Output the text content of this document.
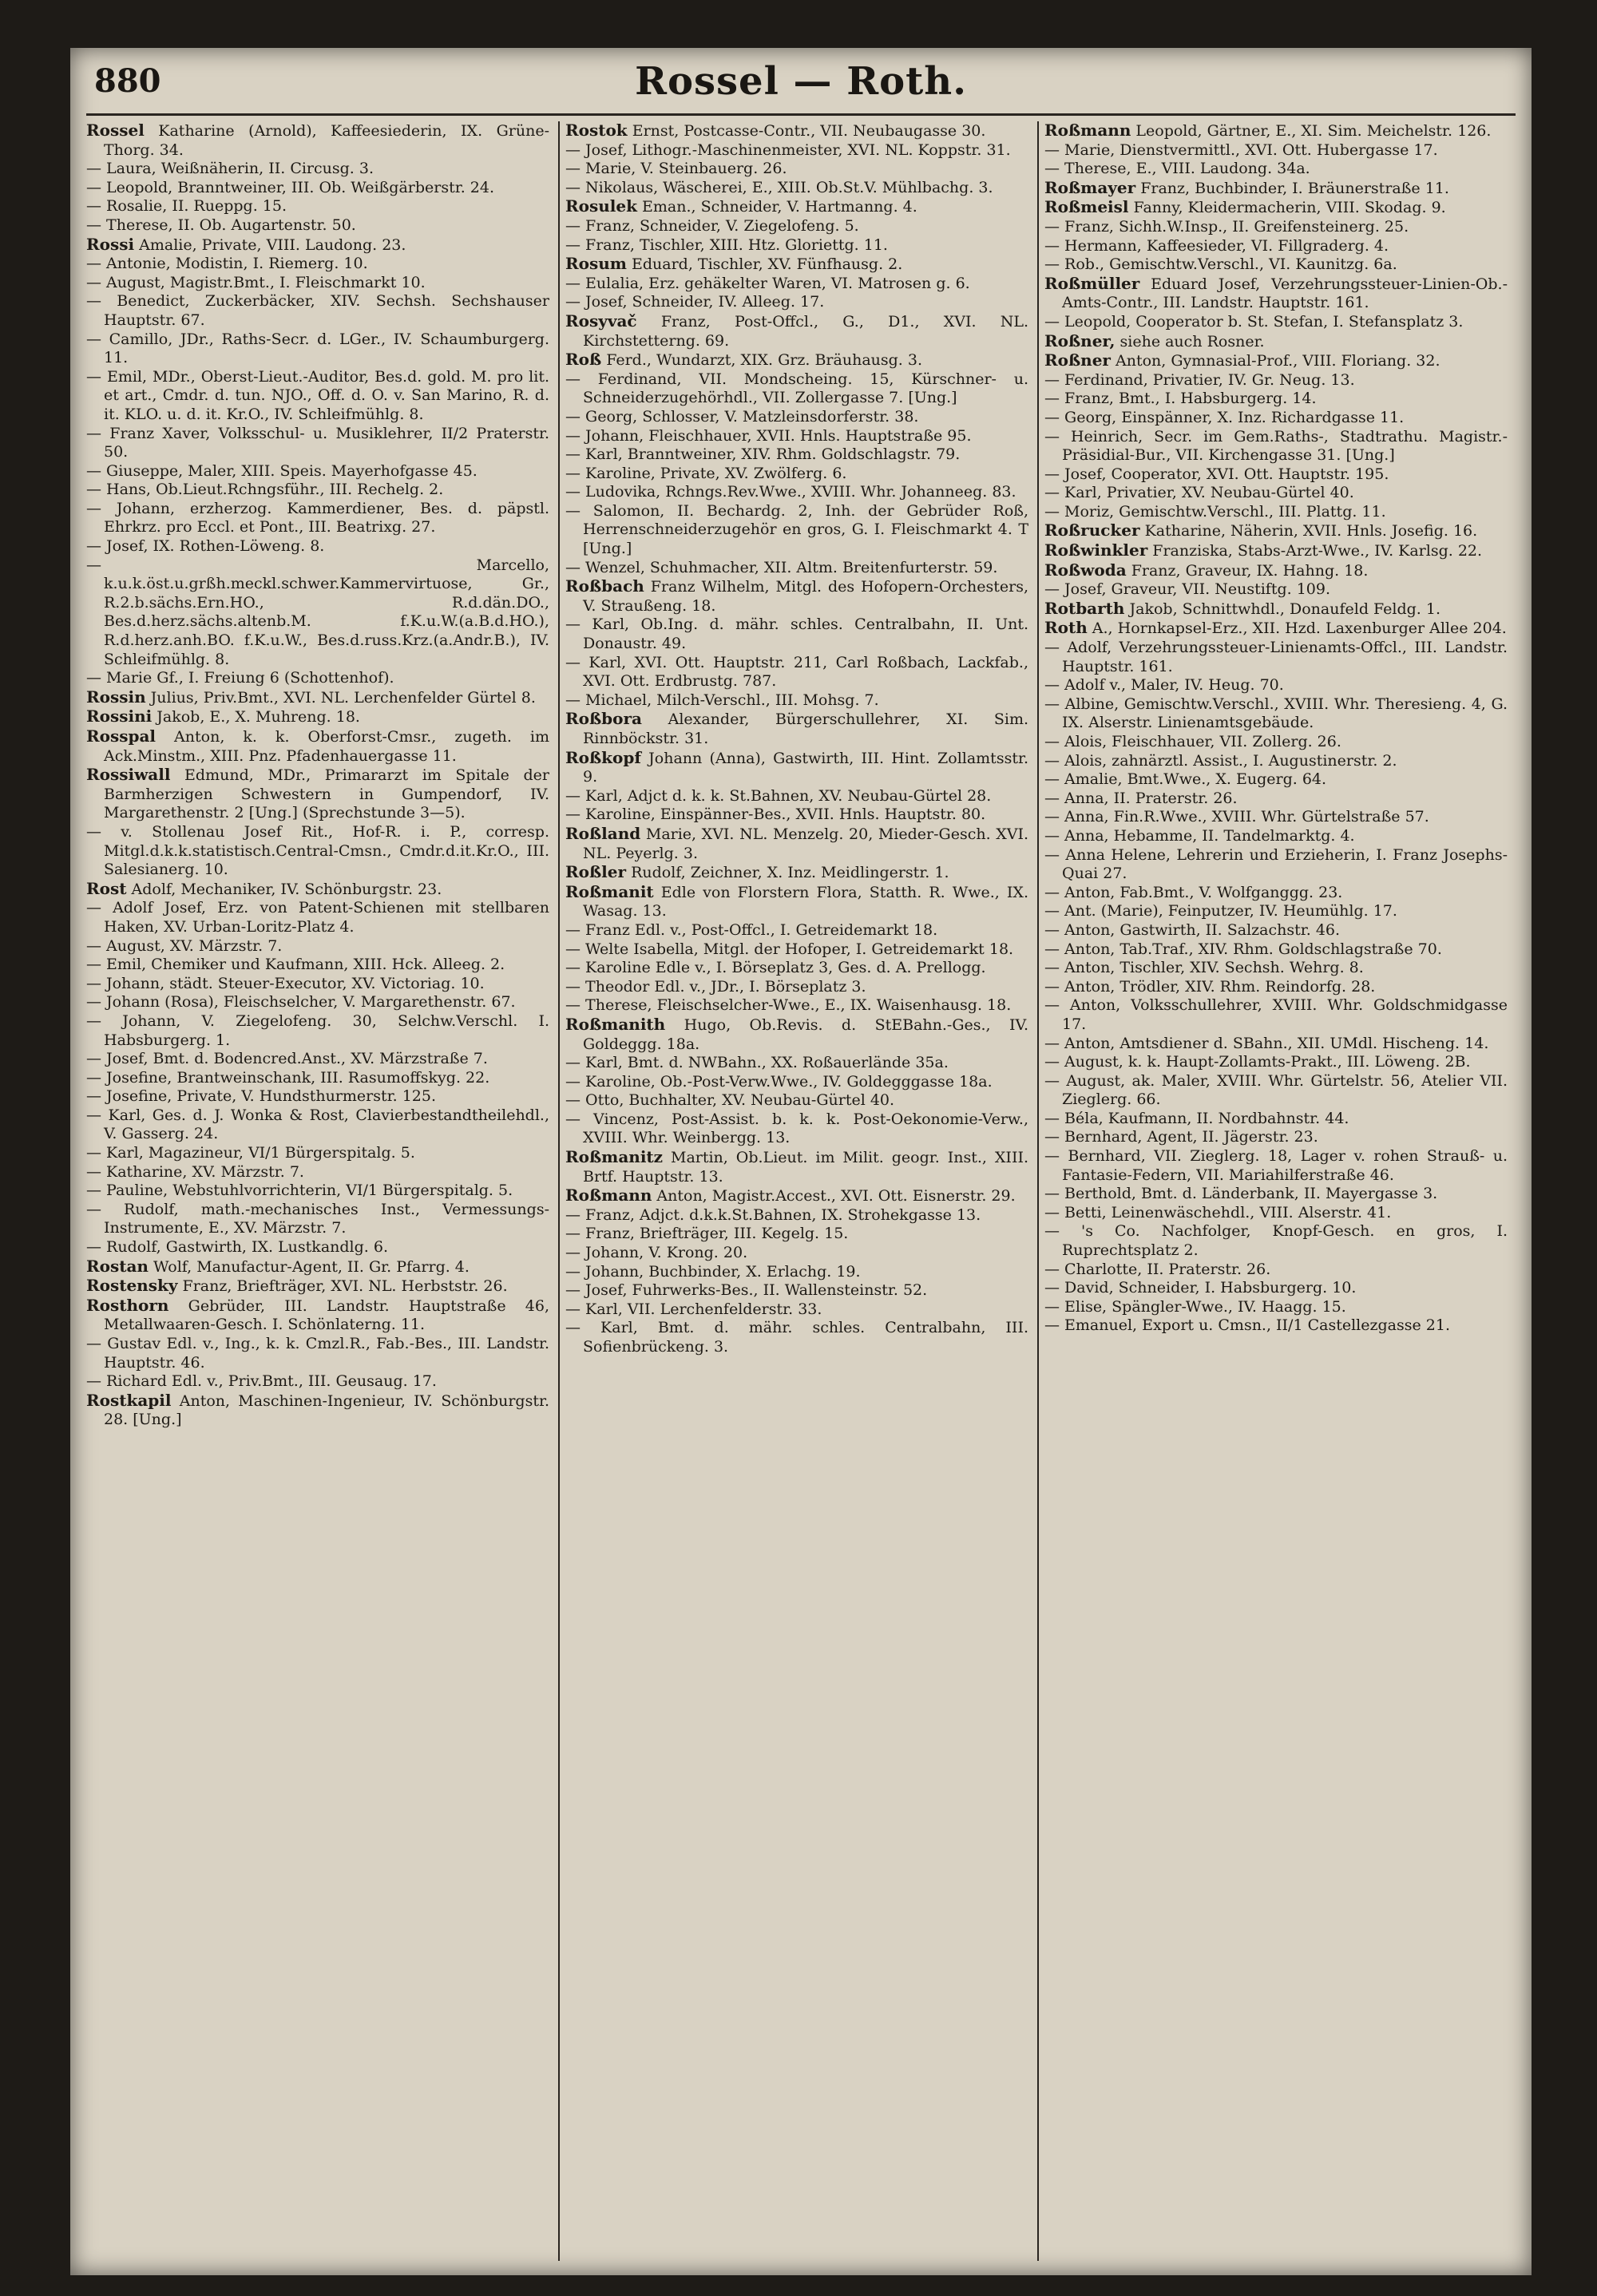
880	Rossel — Roth.

Rossel Katharine (Arnold), Kaffeesiederin, IX. Grüne-Thorg. 34.

— Laura, Weißnäherin, II. Circusg. 3.

— Leopold, Branntweiner, III. Ob. Weißgärberstr. 24.

— Rosalie, II. Rueppg. 15.

— Therese, II. Ob. Augartenstr. 50.

Rossi Amalie, Private, VIII. Laudong. 23.

— Antonie, Modistin, I. Riemerg. 10.

— August, Magistr.Bmt., I. Fleischmarkt 10.

— Benedict, Zuckerbäcker, XIV. Sechsh. Sechshauser Hauptstr. 67.

— Camillo, JDr., Raths-Secr. d. LGer., IV. Schaumburgerg. 11.

— Emil, MDr., Oberst-Lieut.-Auditor, Bes.d. gold. M. pro lit. et art., Cmdr. d. tun. NJO., Off. d. O. v. San Marino, R. d. it. KLO. u. d. it. Kr.O., IV. Schleifmühlg. 8.

— Franz Xaver, Volksschul- u. Musiklehrer, II/2 Praterstr. 50.

— Giuseppe, Maler, XIII. Speis. Mayerhofgasse 45.

— Hans, Ob.Lieut.Rchngsführ., III. Rechelg. 2.

— Johann, erzherzog. Kammerdiener, Bes. d. päpstl. Ehrkrz. pro Eccl. et Pont., III. Beatrixg. 27.

— Josef, IX. Rothen-Löweng. 8.

— Marcello, k.u.k.öst.u.grßh.meckl.schwer.Kammervirtuose, Gr., R.2.b.sächs.Ern.HO., R.d.dän.DO., Bes.d.herz.sächs.altenb.M. f.K.u.W.(a.B.d.HO.), R.d.herz.anh.BO. f.K.u.W., Bes.d.russ.Krz.(a.Andr.B.), IV. Schleifmühlg. 8.

— Marie Gf., I. Freiung 6 (Schottenhof).

Rossin Julius, Priv.Bmt., XVI. NL. Lerchenfelder Gürtel 8.

Rossini Jakob, E., X. Muhreng. 18.

Rosspal Anton, k. k. Oberforst-Cmsr., zugeth. im Ack.Minstm., XIII. Pnz. Pfadenhauergasse 11.

Rossiwall Edmund, MDr., Primararzt im Spitale der Barmherzigen Schwestern in Gumpendorf, IV. Margarethenstr. 2 [Ung.] (Sprechstunde 3—5).

— v. Stollenau Josef Rit., Hof-R. i. P., corresp. Mitgl.d.k.k.statistisch.Central-Cmsn., Cmdr.d.it.Kr.O., III. Salesianerg. 10.

Rost Adolf, Mechaniker, IV. Schönburgstr. 23.

— Adolf Josef, Erz. von Patent-Schienen mit stellbaren Haken, XV. Urban-Loritz-Platz 4.

— August, XV. Märzstr. 7.

— Emil, Chemiker und Kaufmann, XIII. Hck. Alleeg. 2.

— Johann, städt. Steuer-Executor, XV. Victoriag. 10.

— Johann (Rosa), Fleischselcher, V. Margarethenstr. 67.

— Johann, V. Ziegelofeng. 30, Selchw.Verschl. I. Habsburgerg. 1.

— Josef, Bmt. d. Bodencred.Anst., XV. Märzstraße 7.

— Josefine, Brantweinschank, III. Rasumoffskyg. 22.

— Josefine, Private, V. Hundsthurmerstr. 125.

— Karl, Ges. d. J. Wonka & Rost, Clavierbestandtheilehdl., V. Gasserg. 24.

— Karl, Magazineur, VI/1 Bürgerspitalg. 5.

— Katharine, XV. Märzstr. 7.

— Pauline, Webstuhlvorrichterin, VI/1 Bürgerspitalg. 5.

— Rudolf, math.-mechanisches Inst., Vermessungs-Instrumente, E., XV. Märzstr. 7.

— Rudolf, Gastwirth, IX. Lustkandlg. 6.

Rostan Wolf, Manufactur-Agent, II. Gr. Pfarrg. 4.

Rostensky Franz, Briefträger, XVI. NL. Herbststr. 26.

Rosthorn Gebrüder, III. Landstr. Hauptstraße 46, Metallwaaren-Gesch. I. Schönlaterng. 11.

— Gustav Edl. v., Ing., k. k. Cmzl.R., Fab.-Bes., III. Landstr. Hauptstr. 46.

— Richard Edl. v., Priv.Bmt., III. Geusaug. 17.

Rostkapil Anton, Maschinen-Ingenieur, IV. Schönburgstr. 28. [Ung.]

Rostok Ernst, Postcasse-Contr., VII. Neubaugasse 30.

— Josef, Lithogr.-Maschinenmeister, XVI. NL. Koppstr. 31.

— Marie, V. Steinbauerg. 26.

— Nikolaus, Wäscherei, E., XIII. Ob.St.V. Mühlbachg. 3.

Rosulek Eman., Schneider, V. Hartmanng. 4.

— Franz, Schneider, V. Ziegelofeng. 5.

— Franz, Tischler, XIII. Htz. Gloriettg. 11.

Rosum Eduard, Tischler, XV. Fünfhausg. 2.

— Eulalia, Erz. gehäkelter Waren, VI. Matrosen g. 6.

— Josef, Schneider, IV. Alleeg. 17.

Rosyvač Franz, Post-Offcl., G., D1., XVI. NL. Kirchstetterng. 69.

Roß Ferd., Wundarzt, XIX. Grz. Bräuhausg. 3.

— Ferdinand, VII. Mondscheing. 15, Kürschner- u. Schneiderzugehörhdl., VII. Zollergasse 7. [Ung.]

— Georg, Schlosser, V. Matzleinsdorferstr. 38.

— Johann, Fleischhauer, XVII. Hnls. Hauptstraße 95.

— Karl, Branntweiner, XIV. Rhm. Goldschlagstr. 79.

— Karoline, Private, XV. Zwölferg. 6.

— Ludovika, Rchngs.Rev.Wwe., XVIII. Whr. Johanneeg. 83.

— Salomon, II. Bechardg. 2, Inh. der Gebrüder Roß, Herrenschneiderzugehör en gros, G. I. Fleischmarkt 4. T [Ung.]

— Wenzel, Schuhmacher, XII. Altm. Breitenfurterstr. 59.

Roßbach Franz Wilhelm, Mitgl. des Hofopern-Orchesters, V. Straußeng. 18.

— Karl, Ob.Ing. d. mähr. schles. Centralbahn, II. Unt. Donaustr. 49.

— Karl, XVI. Ott. Hauptstr. 211, Carl Roßbach, Lackfab., XVI. Ott. Erdbrustg. 787.

— Michael, Milch-Verschl., III. Mohsg. 7.

Roßbora Alexander, Bürgerschullehrer, XI. Sim. Rinnböckstr. 31.

Roßkopf Johann (Anna), Gastwirth, III. Hint. Zollamtsstr. 9.

— Karl, Adjct d. k. k. St.Bahnen, XV. Neubau-Gürtel 28.

— Karoline, Einspänner-Bes., XVII. Hnls. Hauptstr. 80.

Roßland Marie, XVI. NL. Menzelg. 20, Mieder-Gesch. XVI. NL. Peyerlg. 3.

Roßler Rudolf, Zeichner, X. Inz. Meidlingerstr. 1.

Roßmanit Edle von Florstern Flora, Statth. R. Wwe., IX. Wasag. 13.

— Franz Edl. v., Post-Offcl., I. Getreidemarkt 18.

— Welte Isabella, Mitgl. der Hofoper, I. Getreidemarkt 18.

— Karoline Edle v., I. Börseplatz 3, Ges. d. A. Prellogg.

— Theodor Edl. v., JDr., I. Börseplatz 3.

— Therese, Fleischselcher-Wwe., E., IX. Waisenhausg. 18.

Roßmanith Hugo, Ob.Revis. d. StEBahn.-Ges., IV. Goldeggg. 18a.

— Karl, Bmt. d. NWBahn., XX. Roßauerlände 35a.

— Karoline, Ob.-Post-Verw.Wwe., IV. Goldegggasse 18a.

— Otto, Buchhalter, XV. Neubau-Gürtel 40.

— Vincenz, Post-Assist. b. k. k. Post-Oekonomie-Verw., XVIII. Whr. Weinbergg. 13.

Roßmanitz Martin, Ob.Lieut. im Milit. geogr. Inst., XIII. Brtf. Hauptstr. 13.

Roßmann Anton, Magistr.Accest., XVI. Ott. Eisnerstr. 29.

— Franz, Adjct. d.k.k.St.Bahnen, IX. Strohekgasse 13.

— Franz, Briefträger, III. Kegelg. 15.

— Johann, V. Krong. 20.

— Johann, Buchbinder, X. Erlachg. 19.

— Josef, Fuhrwerks-Bes., II. Wallensteinstr. 52.

— Karl, VII. Lerchenfelderstr. 33.

— Karl, Bmt. d. mähr. schles. Centralbahn, III. Sofienbrückeng. 3.

Roßmann Leopold, Gärtner, E., XI. Sim. Meichelstr. 126.

— Marie, Dienstvermittl., XVI. Ott. Hubergasse 17.

— Therese, E., VIII. Laudong. 34a.

Roßmayer Franz, Buchbinder, I. Bräunerstraße 11.

Roßmeisl Fanny, Kleidermacherin, VIII. Skodag. 9.

— Franz, Sichh.W.Insp., II. Greifensteinerg. 25.

— Hermann, Kaffeesieder, VI. Fillgraderg. 4.

— Rob., Gemischtw.Verschl., VI. Kaunitzg. 6a.

Roßmüller Eduard Josef, Verzehrungssteuer-Linien-Ob.-Amts-Contr., III. Landstr. Hauptstr. 161.

— Leopold, Cooperator b. St. Stefan, I. Stefansplatz 3.

Roßner, siehe auch Rosner.

Roßner Anton, Gymnasial-Prof., VIII. Floriang. 32.

— Ferdinand, Privatier, IV. Gr. Neug. 13.

— Franz, Bmt., I. Habsburgerg. 14.

— Georg, Einspänner, X. Inz. Richardgasse 11.

— Heinrich, Secr. im Gem.Raths-, Stadtrathu. Magistr.-Präsidial-Bur., VII. Kirchengasse 31. [Ung.]

— Josef, Cooperator, XVI. Ott. Hauptstr. 195.

— Karl, Privatier, XV. Neubau-Gürtel 40.

— Moriz, Gemischtw.Verschl., III. Plattg. 11.

Roßrucker Katharine, Näherin, XVII. Hnls. Josefig. 16.

Roßwinkler Franziska, Stabs-Arzt-Wwe., IV. Karlsg. 22.

Roßwoda Franz, Graveur, IX. Hahng. 18.

— Josef, Graveur, VII. Neustiftg. 109.

Rotbarth Jakob, Schnittwhdl., Donaufeld Feldg. 1.

Roth A., Hornkapsel-Erz., XII. Hzd. Laxenburger Allee 204.

— Adolf, Verzehrungssteuer-Linienamts-Offcl., III. Landstr. Hauptstr. 161.

— Adolf v., Maler, IV. Heug. 70.

— Albine, Gemischtw.Verschl., XVIII. Whr. Theresieng. 4, G. IX. Alserstr. Linienamtsgebäude.

— Alois, Fleischhauer, VII. Zollerg. 26.

— Alois, zahnärztl. Assist., I. Augustinerstr. 2.

— Amalie, Bmt.Wwe., X. Eugerg. 64.

— Anna, II. Praterstr. 26.

— Anna, Fin.R.Wwe., XVIII. Whr. Gürtelstraße 57.

— Anna, Hebamme, II. Tandelmarktg. 4.

— Anna Helene, Lehrerin und Erzieherin, I. Franz Josephs-Quai 27.

— Anton, Fab.Bmt., V. Wolfganggg. 23.

— Ant. (Marie), Feinputzer, IV. Heumühlg. 17.

— Anton, Gastwirth, II. Salzachstr. 46.

— Anton, Tab.Traf., XIV. Rhm. Goldschlagstraße 70.

— Anton, Tischler, XIV. Sechsh. Wehrg. 8.

— Anton, Trödler, XIV. Rhm. Reindorfg. 28.

— Anton, Volksschullehrer, XVIII. Whr. Goldschmidgasse 17.

— Anton, Amtsdiener d. SBahn., XII. UMdl. Hischeng. 14.

— August, k. k. Haupt-Zollamts-Prakt., III. Löweng. 2B.

— August, ak. Maler, XVIII. Whr. Gürtelstr. 56, Atelier VII. Zieglerg. 66.

— Béla, Kaufmann, II. Nordbahnstr. 44.

— Bernhard, Agent, II. Jägerstr. 23.

— Bernhard, VII. Zieglerg. 18, Lager v. rohen Strauß- u. Fantasie-Federn, VII. Mariahilferstraße 46.

— Berthold, Bmt. d. Länderbank, II. Mayergasse 3.

— Betti, Leinenwäschehdl., VIII. Alserstr. 41.

— 's Co. Nachfolger, Knopf-Gesch. en gros, I. Ruprechtsplatz 2.

— Charlotte, II. Praterstr. 26.

— David, Schneider, I. Habsburgerg. 10.

— Elise, Spängler-Wwe., IV. Haagg. 15.

— Emanuel, Export u. Cmsn., II/1 Castellezgasse 21.
